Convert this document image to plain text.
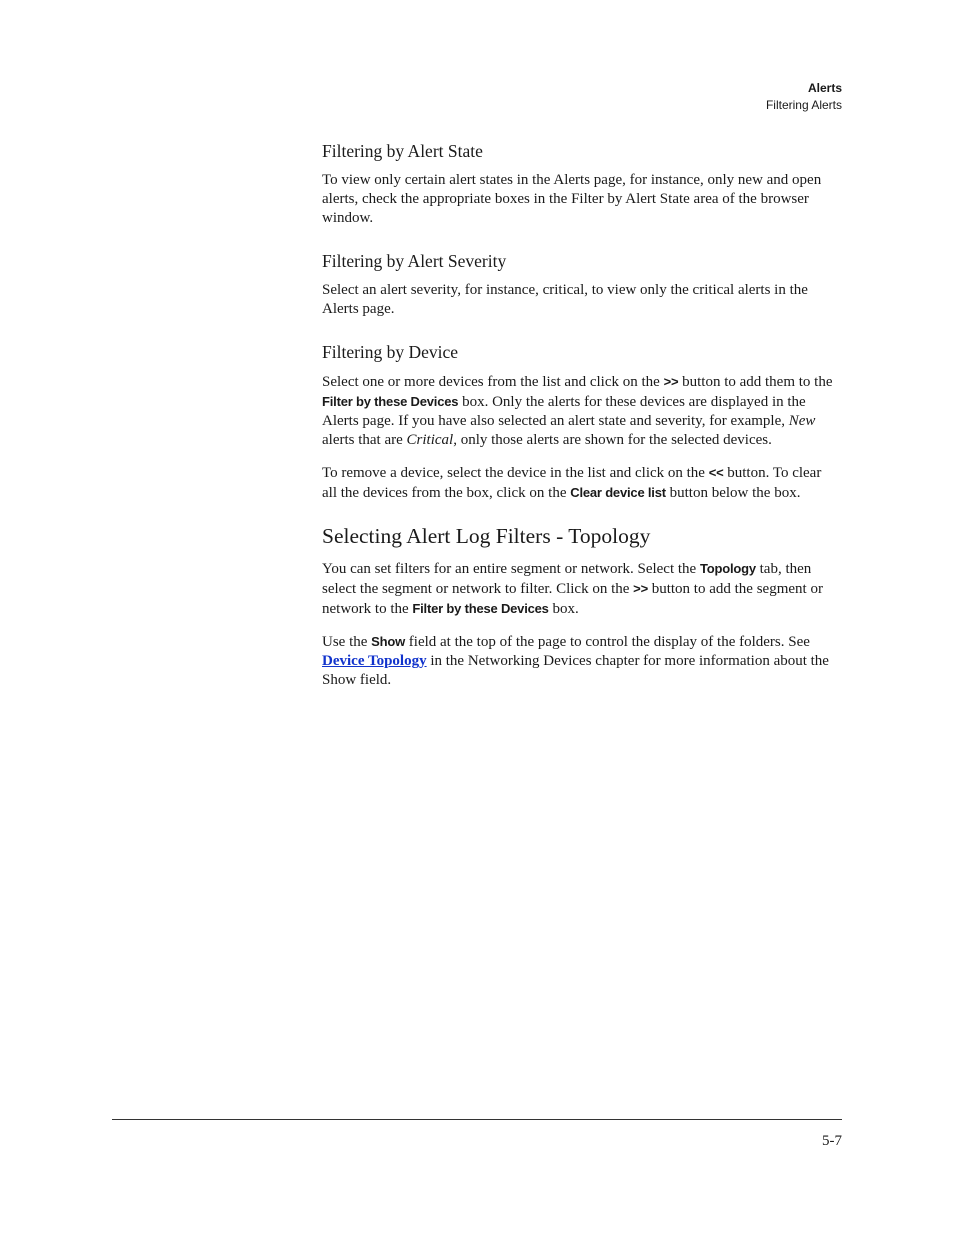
Alerts
Filtering Alerts
Filtering by Alert State

To view only certain alert states in the Alerts page, for instance, only new and open alerts, check the appropriate boxes in the Filter by Alert State area of the browser window.

Filtering by Alert Severity

Select an alert severity, for instance, critical, to view only the critical alerts in the Alerts page.

Filtering by Device

Select one or more devices from the list and click on the >> button to add them to the Filter by these Devices box. Only the alerts for these devices are displayed in the Alerts page. If you have also selected an alert state and severity, for example, New alerts that are Critical, only those alerts are shown for the selected devices.

To remove a device, select the device in the list and click on the << button. To clear all the devices from the box, click on the Clear device list button below the box.

Selecting Alert Log Filters - Topology

You can set filters for an entire segment or network. Select the Topology tab, then select the segment or network to filter. Click on the >> button to add the segment or network to the Filter by these Devices box.

Use the Show field at the top of the page to control the display of the folders. See Device Topology in the Networking Devices chapter for more information about the Show field.

5-7
